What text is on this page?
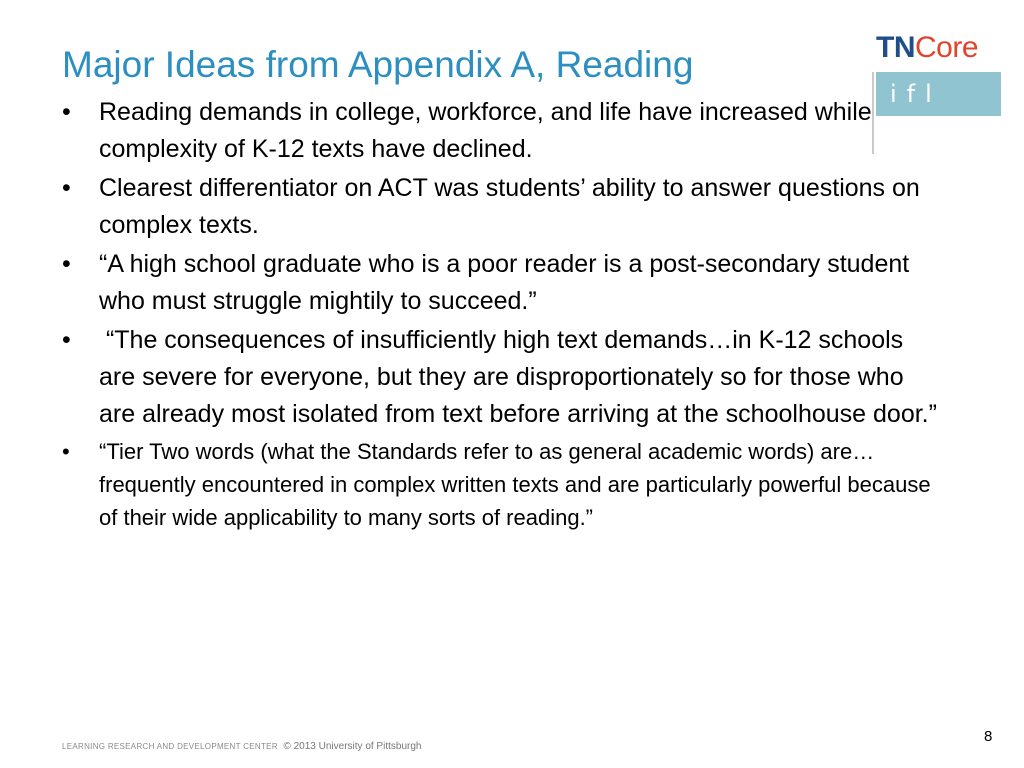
Major Ideas from Appendix A, Reading	TNCore
ifl
• Reading demands in college, workforce, and life have increased while complexity of K-12 texts have declined.
• Clearest differentiator on ACT was students’ ability to answer questions on complex texts.
• “A high school graduate who is a poor reader is a post-secondary student who must struggle mightily to succeed.”
• “The consequences of insufficiently high text demands…in K-12 schools are severe for everyone, but they are disproportionately so for those who are already most isolated from text before arriving at the schoolhouse door.”
• “Tier Two words (what the Standards refer to as general academic words) are…frequently encountered in complex written texts and are particularly powerful because of their wide applicability to many sorts of reading.”
LEARNING RESEARCH AND DEVELOPMENT CENTER © 2013 University of Pittsburgh
8
